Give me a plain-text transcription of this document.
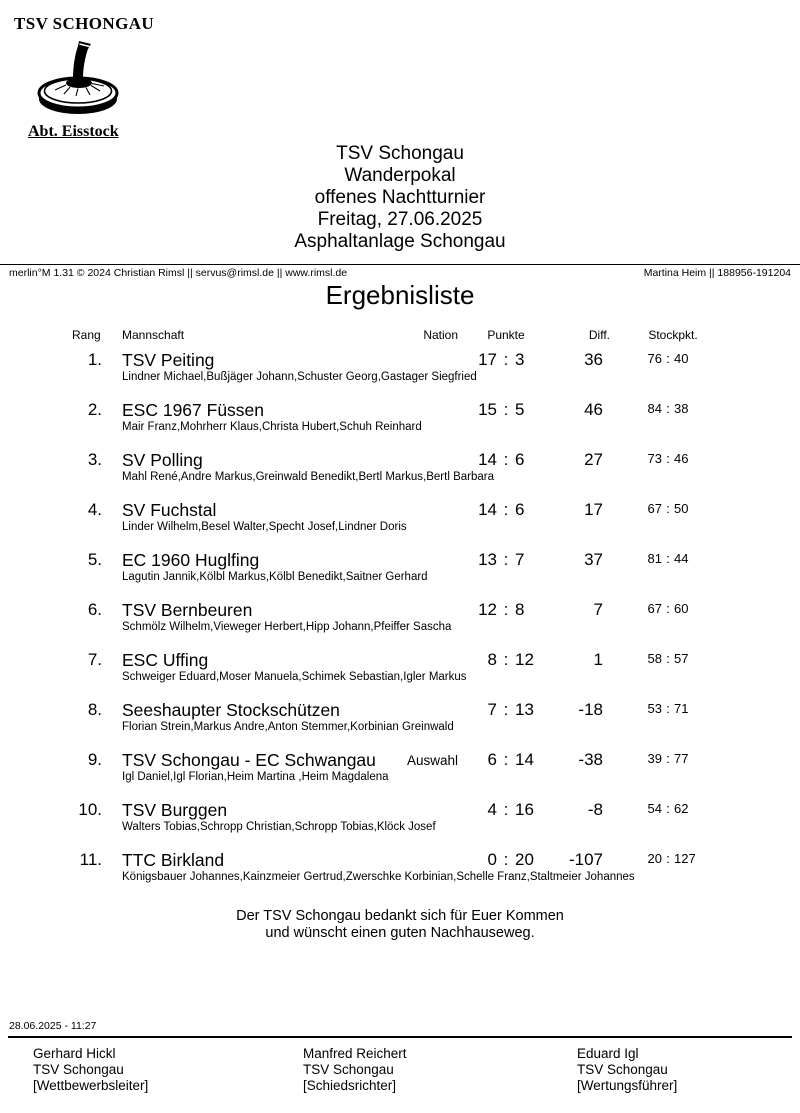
TSV SCHONGAU
Abt. Eisstock
TSV Schongau
Wanderpokal
offenes Nachtturnier
Freitag, 27.06.2025
Asphaltanlage Schongau
merlin°M 1.31 © 2024 Christian Rimsl || servus@rimsl.de || www.rimsl.de	Martina Heim || 188956-191204
Ergebnisliste
Rang Mannschaft	Nation	Punkte	Diff.	Stockpkt.
1. TSV Peiting
Lindner Michael,Bußjäger Johann,Schuster Georg,Gastager Siegfried
17 : 3	36	76 : 40
2. ESC 1967 Füssen
Mair Franz,Mohrherr Klaus,Christa Hubert,Schuh Reinhard
15 : 5	46	84 : 38
3. SV Polling
Mahl René,Andre Markus,Greinwald Benedikt,Bertl Markus,Bertl Barbara
14 : 6	27	73 : 46
4. SV Fuchstal
Linder Wilhelm,Besel Walter,Specht Josef,Lindner Doris
14 : 6	17	67 : 50
5. EC 1960 Huglfing
Lagutin Jannik,Kölbl Markus,Kölbl Benedikt,Saitner Gerhard
13 : 7	37	81 : 44
6. TSV Bernbeuren
Schmölz Wilhelm,Vieweger Herbert,Hipp Johann,Pfeiffer Sascha
12 : 8	7	67 : 60
7. ESC Uffing
Schweiger Eduard,Moser Manuela,Schimek Sebastian,Igler Markus
8 : 12	1	58 : 57
8. Seeshaupter Stockschützen
Florian Strein,Markus Andre,Anton Stemmer,Korbinian Greinwald
7 : 13	-18	53 : 71
9. TSV Schongau - EC Schwangau
Igl Daniel,Igl Florian,Heim Martina ,Heim Magdalena
Auswahl	6 : 14	-38	39 : 77
10. TSV Burggen
Walters Tobias,Schropp Christian,Schropp Tobias,Klöck Josef
4 : 16	-8	54 : 62
11. TTC Birkland
Königsbauer Johannes,Kainzmeier Gertrud,Zwerschke Korbinian,Schelle Franz,Staltmeier Johannes
0 : 20	-107	20 : 127
Der TSV Schongau bedankt sich für Euer Kommen
und wünscht einen guten Nachhauseweg.
28.06.2025 - 11:27
Gerhard Hickl
TSV Schongau
[Wettbewerbsleiter]
Manfred Reichert
TSV Schongau
[Schiedsrichter]
Eduard Igl
TSV Schongau
[Wertungsführer]
